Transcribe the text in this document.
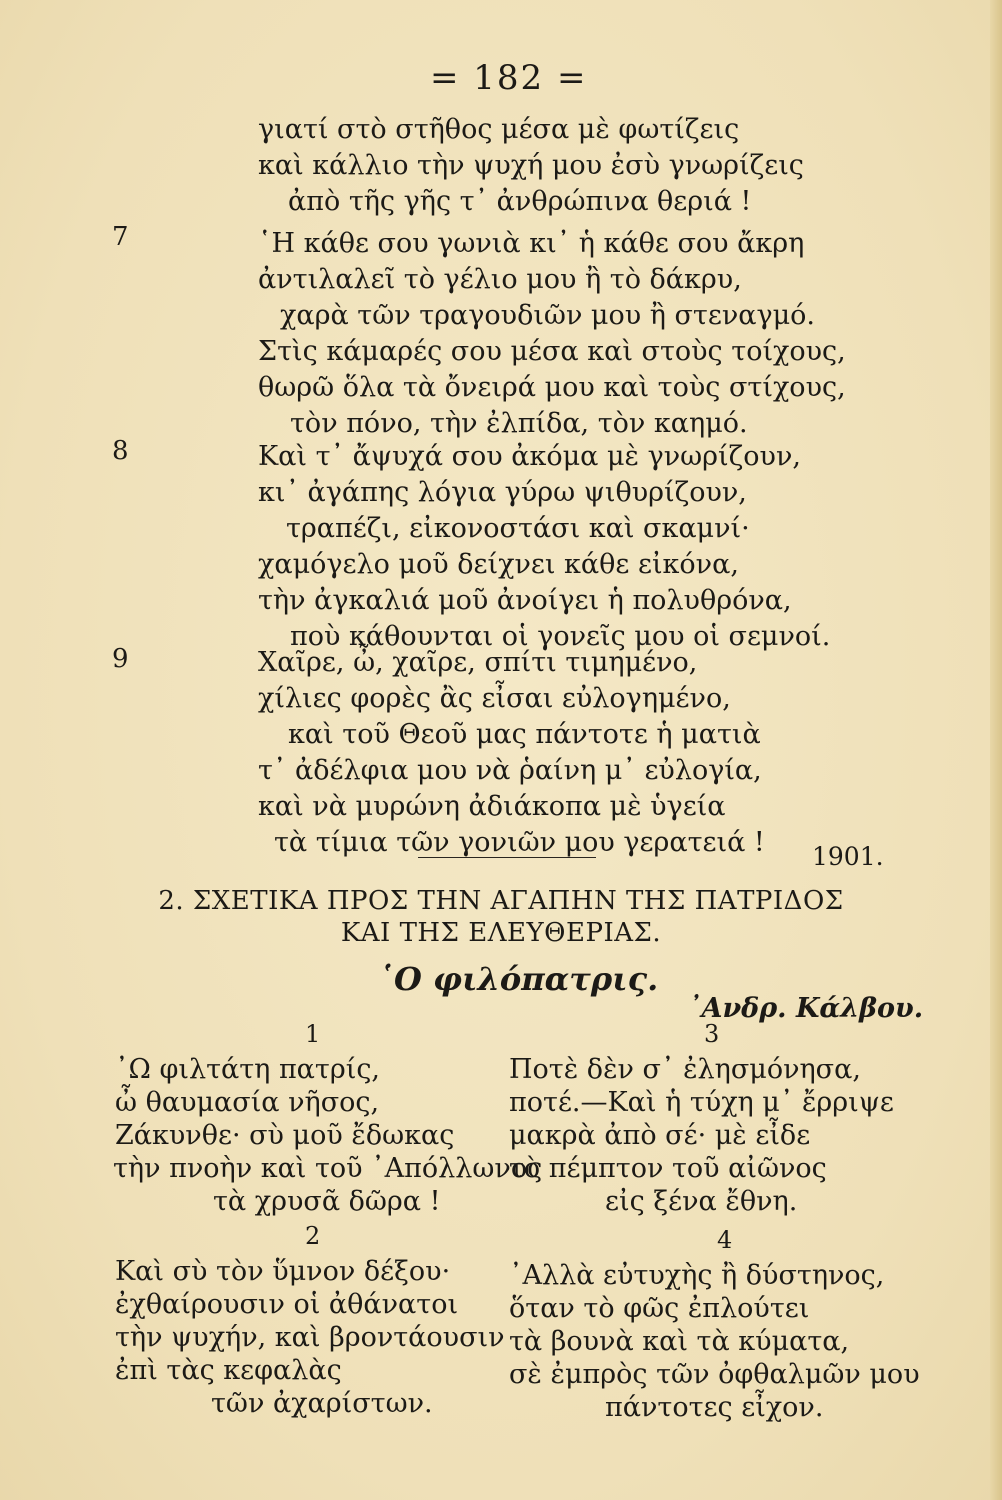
= 182 =
γιατί στὸ στῆθος μέσα μὲ φωτίζεις
καὶ κάλλιο τὴν ψυχή μου ἐσὺ γνωρίζεις
ἀπὸ τῆς γῆς τ᾽ ἀνθρώπινα θεριά !
7	῾Η κάθε σου γωνιὰ κι᾽ ἡ κάθε σου ἄκρη
ἀντιλαλεῖ τὸ γέλιο μου ἢ τὸ δάκρυ,
χαρὰ τῶν τραγουδιῶν μου ἢ στεναγμό.
Στὶς κάμαρές σου μέσα καὶ στοὺς τοίχους,
θωρῶ ὅλα τὰ ὄνειρά μου καὶ τοὺς στίχους,
τὸν πόνο, τὴν ἐλπίδα, τὸν καημό.
8	Καὶ τ᾽ ἄψυχά σου ἀκόμα μὲ γνωρίζουν,
κι᾽ ἀγάπης λόγια γύρω ψιθυρίζουν,
τραπέζι, εἰκονοστάσι καὶ σκαμνί·
χαμόγελο μοῦ δείχνει κάθε εἰκόνα,
τὴν ἀγκαλιά μοῦ ἀνοίγει ἡ πολυθρόνα,
ποὺ κάθουνται οἱ γονεῖς μου οἱ σεμνοί.
9	Χαῖρε, ὦ, χαῖρε, σπίτι τιμημένο,
χίλιες φορὲς ἂς εἶσαι εὐλογημένο,
καὶ τοῦ Θεοῦ μας πάντοτε ἡ ματιὰ
τ᾽ ἀδέλφια μου νὰ ῥαίνη μ᾽ εὐλογία,
καὶ νὰ μυρώνη ἀδιάκοπα μὲ ὑγεία
τὰ τίμια τῶν γονιῶν μου γερατειά ! 1901.
2. ΣΧΕΤΙΚΑ ΠΡΟΣ ΤΗΝ ΑΓΑΠΗΝ ΤΗΣ ΠΑΤΡΙΔΟΣ
ΚΑΙ ΤΗΣ ΕΛΕΥΘΕΡΙΑΣ.
῾Ο φιλόπατρις.
᾽Ανδρ. Κάλβου.
1	3
2	4
᾽Ω φιλτάτη πατρίς,
ὦ θαυμασία νῆσος,
Ζάκυνθε· σὺ μοῦ ἔδωκας
τὴν πνοὴν καὶ τοῦ ᾽Απόλλωνος
τὰ χρυσᾶ δῶρα !
Καὶ σὺ τὸν ὕμνον δέξου·
ἐχθαίρουσιν οἱ ἀθάνατοι
τὴν ψυχήν, καὶ βροντάουσιν
ἐπὶ τὰς κεφαλὰς
τῶν ἀχαρίστων.
Ποτὲ δὲν σ᾽ ἐλησμόνησα,
ποτέ.—Καὶ ἡ τύχη μ᾽ ἔρριψε
μακρὰ ἀπὸ σέ· μὲ εἶδε
τὸ πέμπτον τοῦ αἰῶνος
εἰς ξένα ἔθνη.
᾽Αλλὰ εὐτυχὴς ἢ δύστηνος,
ὅταν τὸ φῶς ἐπλούτει
τὰ βουνὰ καὶ τὰ κύματα,
σὲ ἐμπρὸς τῶν ὀφθαλμῶν μου
πάντοτες εἶχον.
